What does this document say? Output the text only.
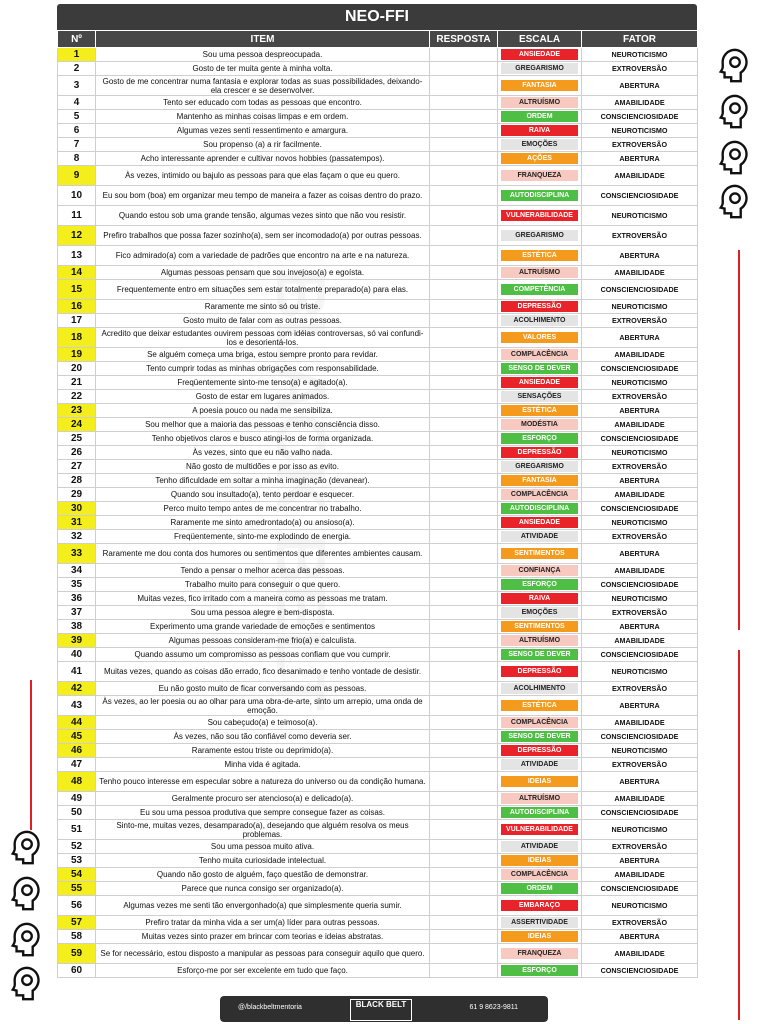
NEO-FFI
Nº	ITEM	RESPOSTA	ESCALA	FATOR
1	Sou uma pessoa despreocupada.		ANSIEDADE	NEUROTICISMO
2	Gosto de ter muita gente à minha volta.		GREGARISMO	EXTROVERSÃO
3	Gosto de me concentrar numa fantasia e explorar todas as suas possibilidades, deixando-ela crescer e se desenvolver.		FANTASIA	ABERTURA
4	Tento ser educado com todas as pessoas que encontro.		ALTRUÍSMO	AMABILIDADE
5	Mantenho as minhas coisas limpas e em ordem.		ORDEM	CONSCIENCIOSIDADE
6	Algumas vezes senti ressentimento e amargura.		RAIVA	NEUROTICISMO
7	Sou propenso (a) a rir facilmente.		EMOÇÕES	EXTROVERSÃO
8	Acho interessante aprender e cultivar novos hobbies (passatempos).		AÇÕES	ABERTURA
9	Às vezes, intimido ou bajulo as pessoas para que elas façam o que eu quero.		FRANQUEZA	AMABILIDADE
10	Eu sou bom (boa) em organizar meu tempo de maneira a fazer as coisas dentro do prazo.		AUTODISCIPLINA	CONSCIENCIOSIDADE
11	Quando estou sob uma grande tensão, algumas vezes sinto que não vou resistir.		VULNERABILIDADE	NEUROTICISMO
12	Prefiro trabalhos que possa fazer sozinho(a), sem ser incomodado(a) por outras pessoas.		GREGARISMO	EXTROVERSÃO
13	Fico admirado(a) com a variedade de padrões que encontro na arte e na natureza.		ESTÉTICA	ABERTURA
14	Algumas pessoas pensam que sou invejoso(a) e egoísta.		ALTRUÍSMO	AMABILIDADE
15	Frequentemente entro em situações sem estar totalmente preparado(a) para elas.		COMPETÊNCIA	CONSCIENCIOSIDADE
16	Raramente me sinto só ou triste.		DEPRESSÃO	NEUROTICISMO
17	Gosto muito de falar com as outras pessoas.		ACOLHIMENTO	EXTROVERSÃO
18	Acredito que deixar estudantes ouvirem pessoas com idéias controversas, só vai confundi-los e desorientá-los.		VALORES	ABERTURA
19	Se alguém começa uma briga, estou sempre pronto para revidar.		COMPLACÊNCIA	AMABILIDADE
20	Tento cumprir todas as minhas obrigações com responsabilidade.		SENSO DE DEVER	CONSCIENCIOSIDADE
21	Freqüentemente sinto-me tenso(a) e agitado(a).		ANSIEDADE	NEUROTICISMO
22	Gosto de estar em lugares animados.		SENSAÇÕES	EXTROVERSÃO
23	A poesia pouco ou nada me sensibiliza.		ESTÉTICA	ABERTURA
24	Sou melhor que a maioria das pessoas e tenho consciência disso.		MODÉSTIA	AMABILIDADE
25	Tenho objetivos claros e busco atingi-los de forma organizada.		ESFORÇO	CONSCIENCIOSIDADE
26	Às vezes, sinto que eu não valho nada.		DEPRESSÃO	NEUROTICISMO
27	Não gosto de multidões e por isso as evito.		GREGARISMO	EXTROVERSÃO
28	Tenho dificuldade em soltar a minha imaginação (devanear).		FANTASIA	ABERTURA
29	Quando sou insultado(a), tento perdoar e esquecer.		COMPLACÊNCIA	AMABILIDADE
30	Perco muito tempo antes de me concentrar no trabalho.		AUTODISCIPLINA	CONSCIENCIOSIDADE
31	Raramente me sinto amedrontado(a) ou ansioso(a).		ANSIEDADE	NEUROTICISMO
32	Freqüentemente, sinto-me explodindo de energia.		ATIVIDADE	EXTROVERSÃO
33	Raramente me dou conta dos humores ou sentimentos que diferentes ambientes causam.		SENTIMENTOS	ABERTURA
34	Tendo a pensar o melhor acerca das pessoas.		CONFIANÇA	AMABILIDADE
35	Trabalho muito para conseguir o que quero.		ESFORÇO	CONSCIENCIOSIDADE
36	Muitas vezes, fico irritado com a maneira como as pessoas me tratam.		RAIVA	NEUROTICISMO
37	Sou uma pessoa alegre e bem-disposta.		EMOÇÕES	EXTROVERSÃO
38	Experimento uma grande variedade de emoções e sentimentos		SENTIMENTOS	ABERTURA
39	Algumas pessoas consideram-me frio(a) e calculista.		ALTRUÍSMO	AMABILIDADE
40	Quando assumo um compromisso as pessoas confiam que vou cumprir.		SENSO DE DEVER	CONSCIENCIOSIDADE
41	Muitas vezes, quando as coisas dão errado, fico desanimado e tenho vontade de desistir.		DEPRESSÃO	NEUROTICISMO
42	Eu não gosto muito de ficar conversando com as pessoas.		ACOLHIMENTO	EXTROVERSÃO
43	Às vezes, ao ler poesia ou ao olhar para uma obra-de-arte, sinto um arrepio, uma onda de emoção.		ESTÉTICA	ABERTURA
44	Sou cabeçudo(a) e teimoso(a).		COMPLACÊNCIA	AMABILIDADE
45	Às vezes, não sou tão confiável como deveria ser.		SENSO DE DEVER	CONSCIENCIOSIDADE
46	Raramente estou triste ou deprimido(a).		DEPRESSÃO	NEUROTICISMO
47	Minha vida é agitada.		ATIVIDADE	EXTROVERSÃO
48	Tenho pouco interesse em especular sobre a natureza do universo ou da condição humana.		IDEIAS	ABERTURA
49	Geralmente procuro ser atencioso(a) e delicado(a).		ALTRUÍSMO	AMABILIDADE
50	Eu sou uma pessoa produtiva que sempre consegue fazer as coisas.		AUTODISCIPLINA	CONSCIENCIOSIDADE
51	Sinto-me, muitas vezes, desamparado(a), desejando que alguém resolva os meus problemas.		VULNERABILIDADE	NEUROTICISMO
52	Sou uma pessoa muito ativa.		ATIVIDADE	EXTROVERSÃO
53	Tenho muita curiosidade intelectual.		IDEIAS	ABERTURA
54	Quando não gosto de alguém, faço questão de demonstrar.		COMPLACÊNCIA	AMABILIDADE
55	Parece que nunca consigo ser organizado(a).		ORDEM	CONSCIENCIOSIDADE
56	Algumas vezes me senti tão envergonhado(a) que simplesmente queria sumir.		EMBARAÇO	NEUROTICISMO
57	Prefiro tratar da minha vida a ser um(a) líder para outras pessoas.		ASSERTIVIDADE	EXTROVERSÃO
58	Muitas vezes sinto prazer em brincar com teorias e ideias abstratas.		IDEIAS	ABERTURA
59	Se for necessário, estou disposto a manipular as pessoas para conseguir aquilo que quero.		FRANQUEZA	AMABILIDADE
60	Esforço-me por ser excelente em tudo que faço.		ESFORÇO	CONSCIENCIOSIDADE
@/blackbeltmentoria	BLACK BELT	61 9 8623-9811
